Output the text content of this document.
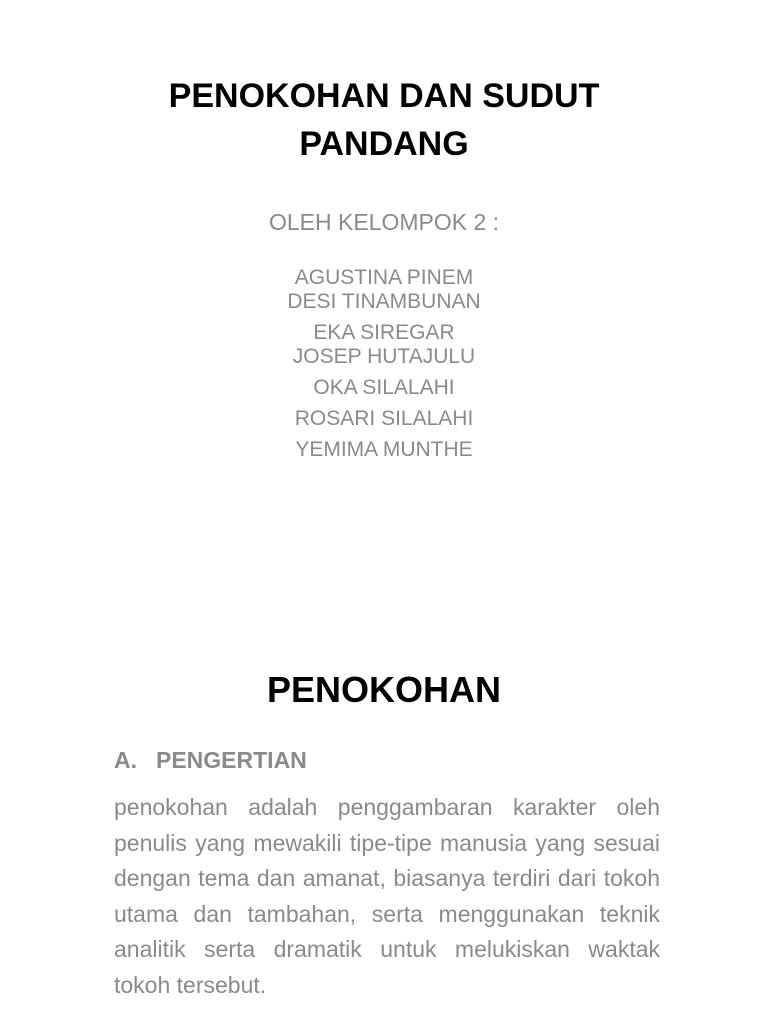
PENOKOHAN DAN SUDUT PANDANG
OLEH KELOMPOK 2 :
AGUSTINA PINEM
DESI TINAMBUNAN
EKA SIREGAR
JOSEP HUTAJULU
OKA SILALAHI
ROSARI SILALAHI
YEMIMA MUNTHE
PENOKOHAN
A. PENGERTIAN

penokohan adalah penggambaran karakter oleh penulis yang mewakili tipe-tipe manusia yang sesuai dengan tema dan amanat, biasanya terdiri dari tokoh utama dan tambahan, serta menggunakan teknik analitik serta dramatik untuk melukiskan waktak tokoh tersebut.
